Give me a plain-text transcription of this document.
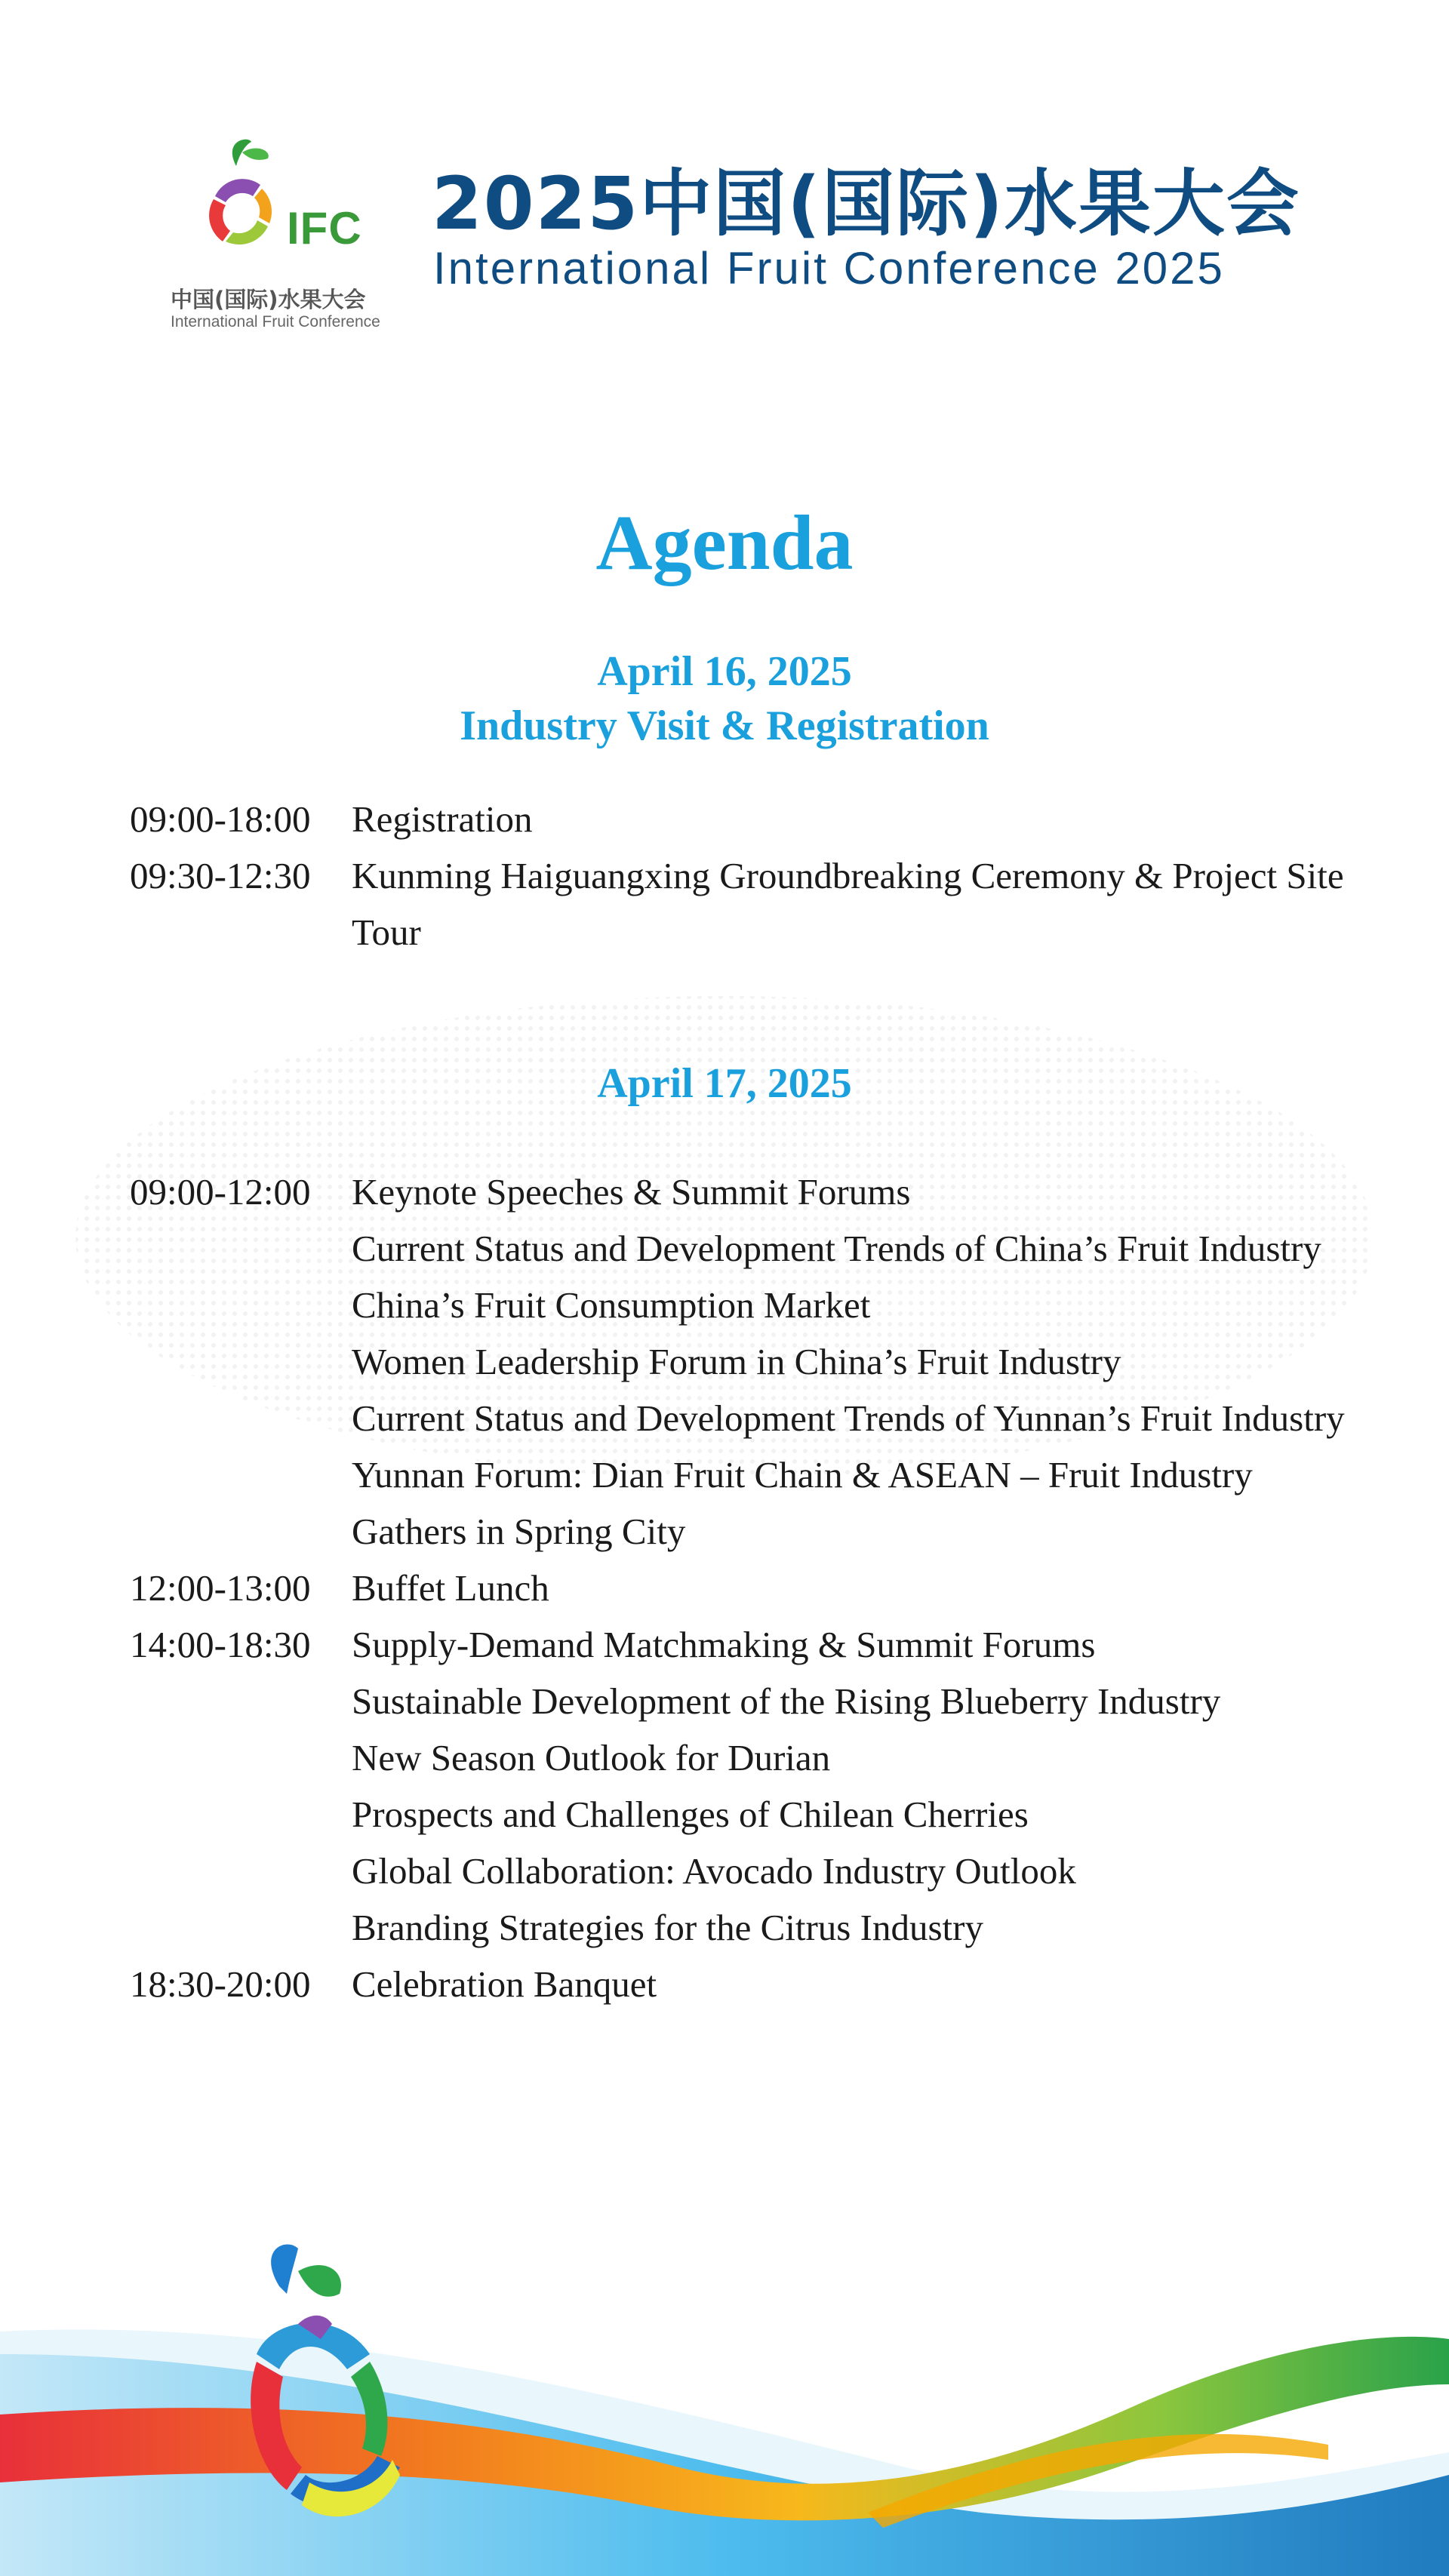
IFC
中国(国际)水果大会
International Fruit Conference
2025中国(国际)水果大会
International Fruit Conference 2025
Agenda
April 16, 2025
Industry Visit & Registration
09:00-18:00	Registration
09:30-12:30	Kunming Haiguangxing Groundbreaking Ceremony & Project Site Tour
April 17, 2025
09:00-12:00	Keynote Speeches & Summit Forums
Current Status and Development Trends of China’s Fruit Industry
China’s Fruit Consumption Market
Women Leadership Forum in China’s Fruit Industry
Current Status and Development Trends of Yunnan’s Fruit Industry
Yunnan Forum: Dian Fruit Chain & ASEAN – Fruit Industry Gathers in Spring City
12:00-13:00	Buffet Lunch
14:00-18:30	Supply-Demand Matchmaking & Summit Forums
Sustainable Development of the Rising Blueberry Industry
New Season Outlook for Durian
Prospects and Challenges of Chilean Cherries
Global Collaboration: Avocado Industry Outlook
Branding Strategies for the Citrus Industry
18:30-20:00	Celebration Banquet
